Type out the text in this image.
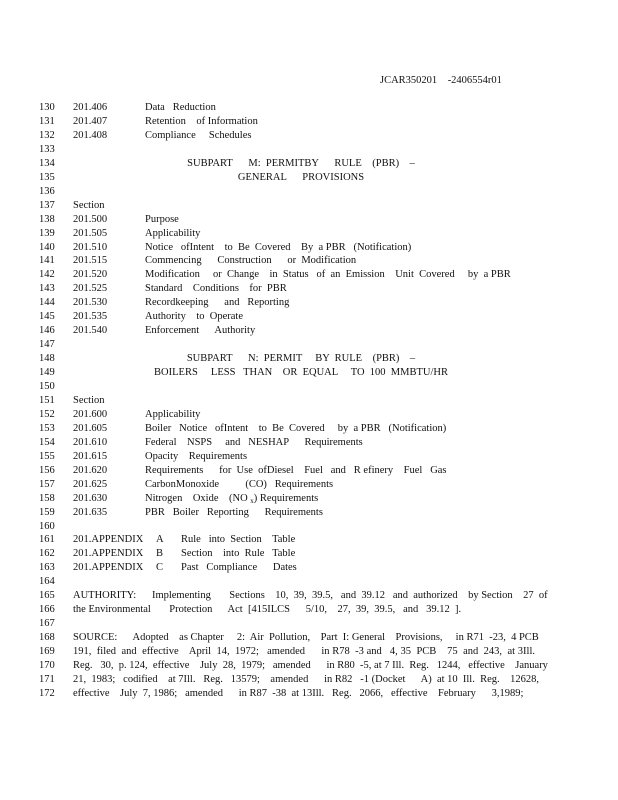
JCAR350201 -2406554r01
130	201.406	Data   Reduction
131	201.407	Retention    of Information
132	201.408	Compliance     Schedules
133
134	SUBPART      M:  PERMITBY      RULE    (PBR)    –
135	GENERAL      PROVISIONS
136
137	Section
138	201.500	Purpose
139	201.505	Applicability
140	201.510	Notice   ofIntent    to  Be  Covered    By  a PBR   (Notification)
141	201.515	Commencing      Construction      or  Modification
142	201.520	Modification     or  Change    in  Status   of  an  Emission    Unit  Covered     by  a PBR
143	201.525	Standard    Conditions    for  PBR
144	201.530	Recordkeeping      and   Reporting
145	201.535	Authority    to  Operate
146	201.540	Enforcement      Authority
147
148	SUBPART      N:  PERMIT     BY  RULE    (PBR)    –
149	BOILERS     LESS   THAN    OR  EQUAL     TO  100  MMBTU/HR
150
151	Section
152	201.600	Applicability
153	201.605	Boiler   Notice   ofIntent    to  Be  Covered     by  a PBR   (Notification)
154	201.610	Federal    NSPS     and   NESHAP      Requirements
155	201.615	Opacity    Requirements
156	201.620	Requirements      for  Use  ofDiesel    Fuel   and   R efinery    Fuel   Gas
157	201.625	CarbonMonoxide          (CO)   Requirements
158	201.630	Nitrogen    Oxide    (NO $_x$) Requirements
159	201.635	PBR   Boiler   Reporting      Requirements
160
161	201.APPENDIX A Rule   into  Section    Table
162	201.APPENDIX B Section    into  Rule   Table
163	201.APPENDIX C Past   Compliance      Dates
164
165	AUTHORITY:      Implementing       Sections    10,  39,  39.5,   and  39.12   and  authorized    by Section    27  of
166	the Environmental       Protection      Act  [415ILCS      5/10,    27,  39,  39.5,   and   39.12  ].
167
168	SOURCE:      Adopted    as Chapter     2:  Air  Pollution,    Part  I: General    Provisions,     in R71  -23,  4 PCB
169	191,  filed  and  effective    April  14,  1972;   amended      in R78  -3 and   4, 35  PCB    75  and  243,  at 3Ill.
170	Reg.   30,  p. 124,  effective    July  28,  1979;   amended      in R80  -5, at 7 Ill.  Reg.   1244,   effective    January
171	21,  1983;   codified    at 7Ill.   Reg.   13579;    amended      in R82   -1 (Docket      A)  at 10  Ill.  Reg.    12628,
172	effective    July  7, 1986;   amended      in R87  -38  at 13Ill.   Reg.   2066,   effective    February      3,1989;
